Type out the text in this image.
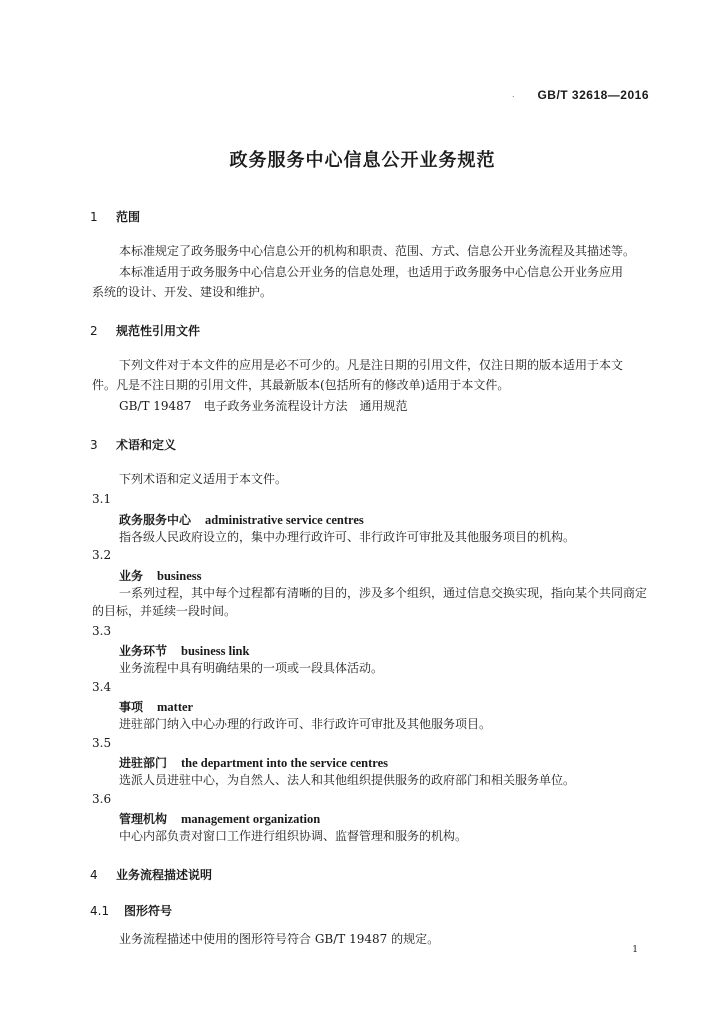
. GB/T 32618—2016
政务服务中心信息公开业务规范
1 范围
本标准规定了政务服务中心信息公开的机构和职责、范围、方式、信息公开业务流程及其描述等。
本标准适用于政务服务中心信息公开业务的信息处理，也适用于政务服务中心信息公开业务应用
系统的设计、开发、建设和维护。
2 规范性引用文件
下列文件对于本文件的应用是必不可少的。凡是注日期的引用文件，仅注日期的版本适用于本文
件。凡是不注日期的引用文件，其最新版本(包括所有的修改单)适用于本文件。
GB/T 19487　电子政务业务流程设计方法　通用规范
3 术语和定义
下列术语和定义适用于本文件。
3.1
政务服务中心 administrative service centres
指各级人民政府设立的，集中办理行政许可、非行政许可审批及其他服务项目的机构。
3.2
业务 business
一系列过程，其中每个过程都有清晰的目的，涉及多个组织，通过信息交换实现，指向某个共同商定
的目标，并延续一段时间。
3.3
业务环节 business link
业务流程中具有明确结果的一项或一段具体活动。
3.4
事项 matter
进驻部门纳入中心办理的行政许可、非行政许可审批及其他服务项目。
3.5
进驻部门 the department into the service centres
选派人员进驻中心，为自然人、法人和其他组织提供服务的政府部门和相关服务单位。
3.6
管理机构 management organization
中心内部负责对窗口工作进行组织协调、监督管理和服务的机构。
4 业务流程描述说明
4.1 图形符号
业务流程描述中使用的图形符号符合 GB/T 19487 的规定。
1
